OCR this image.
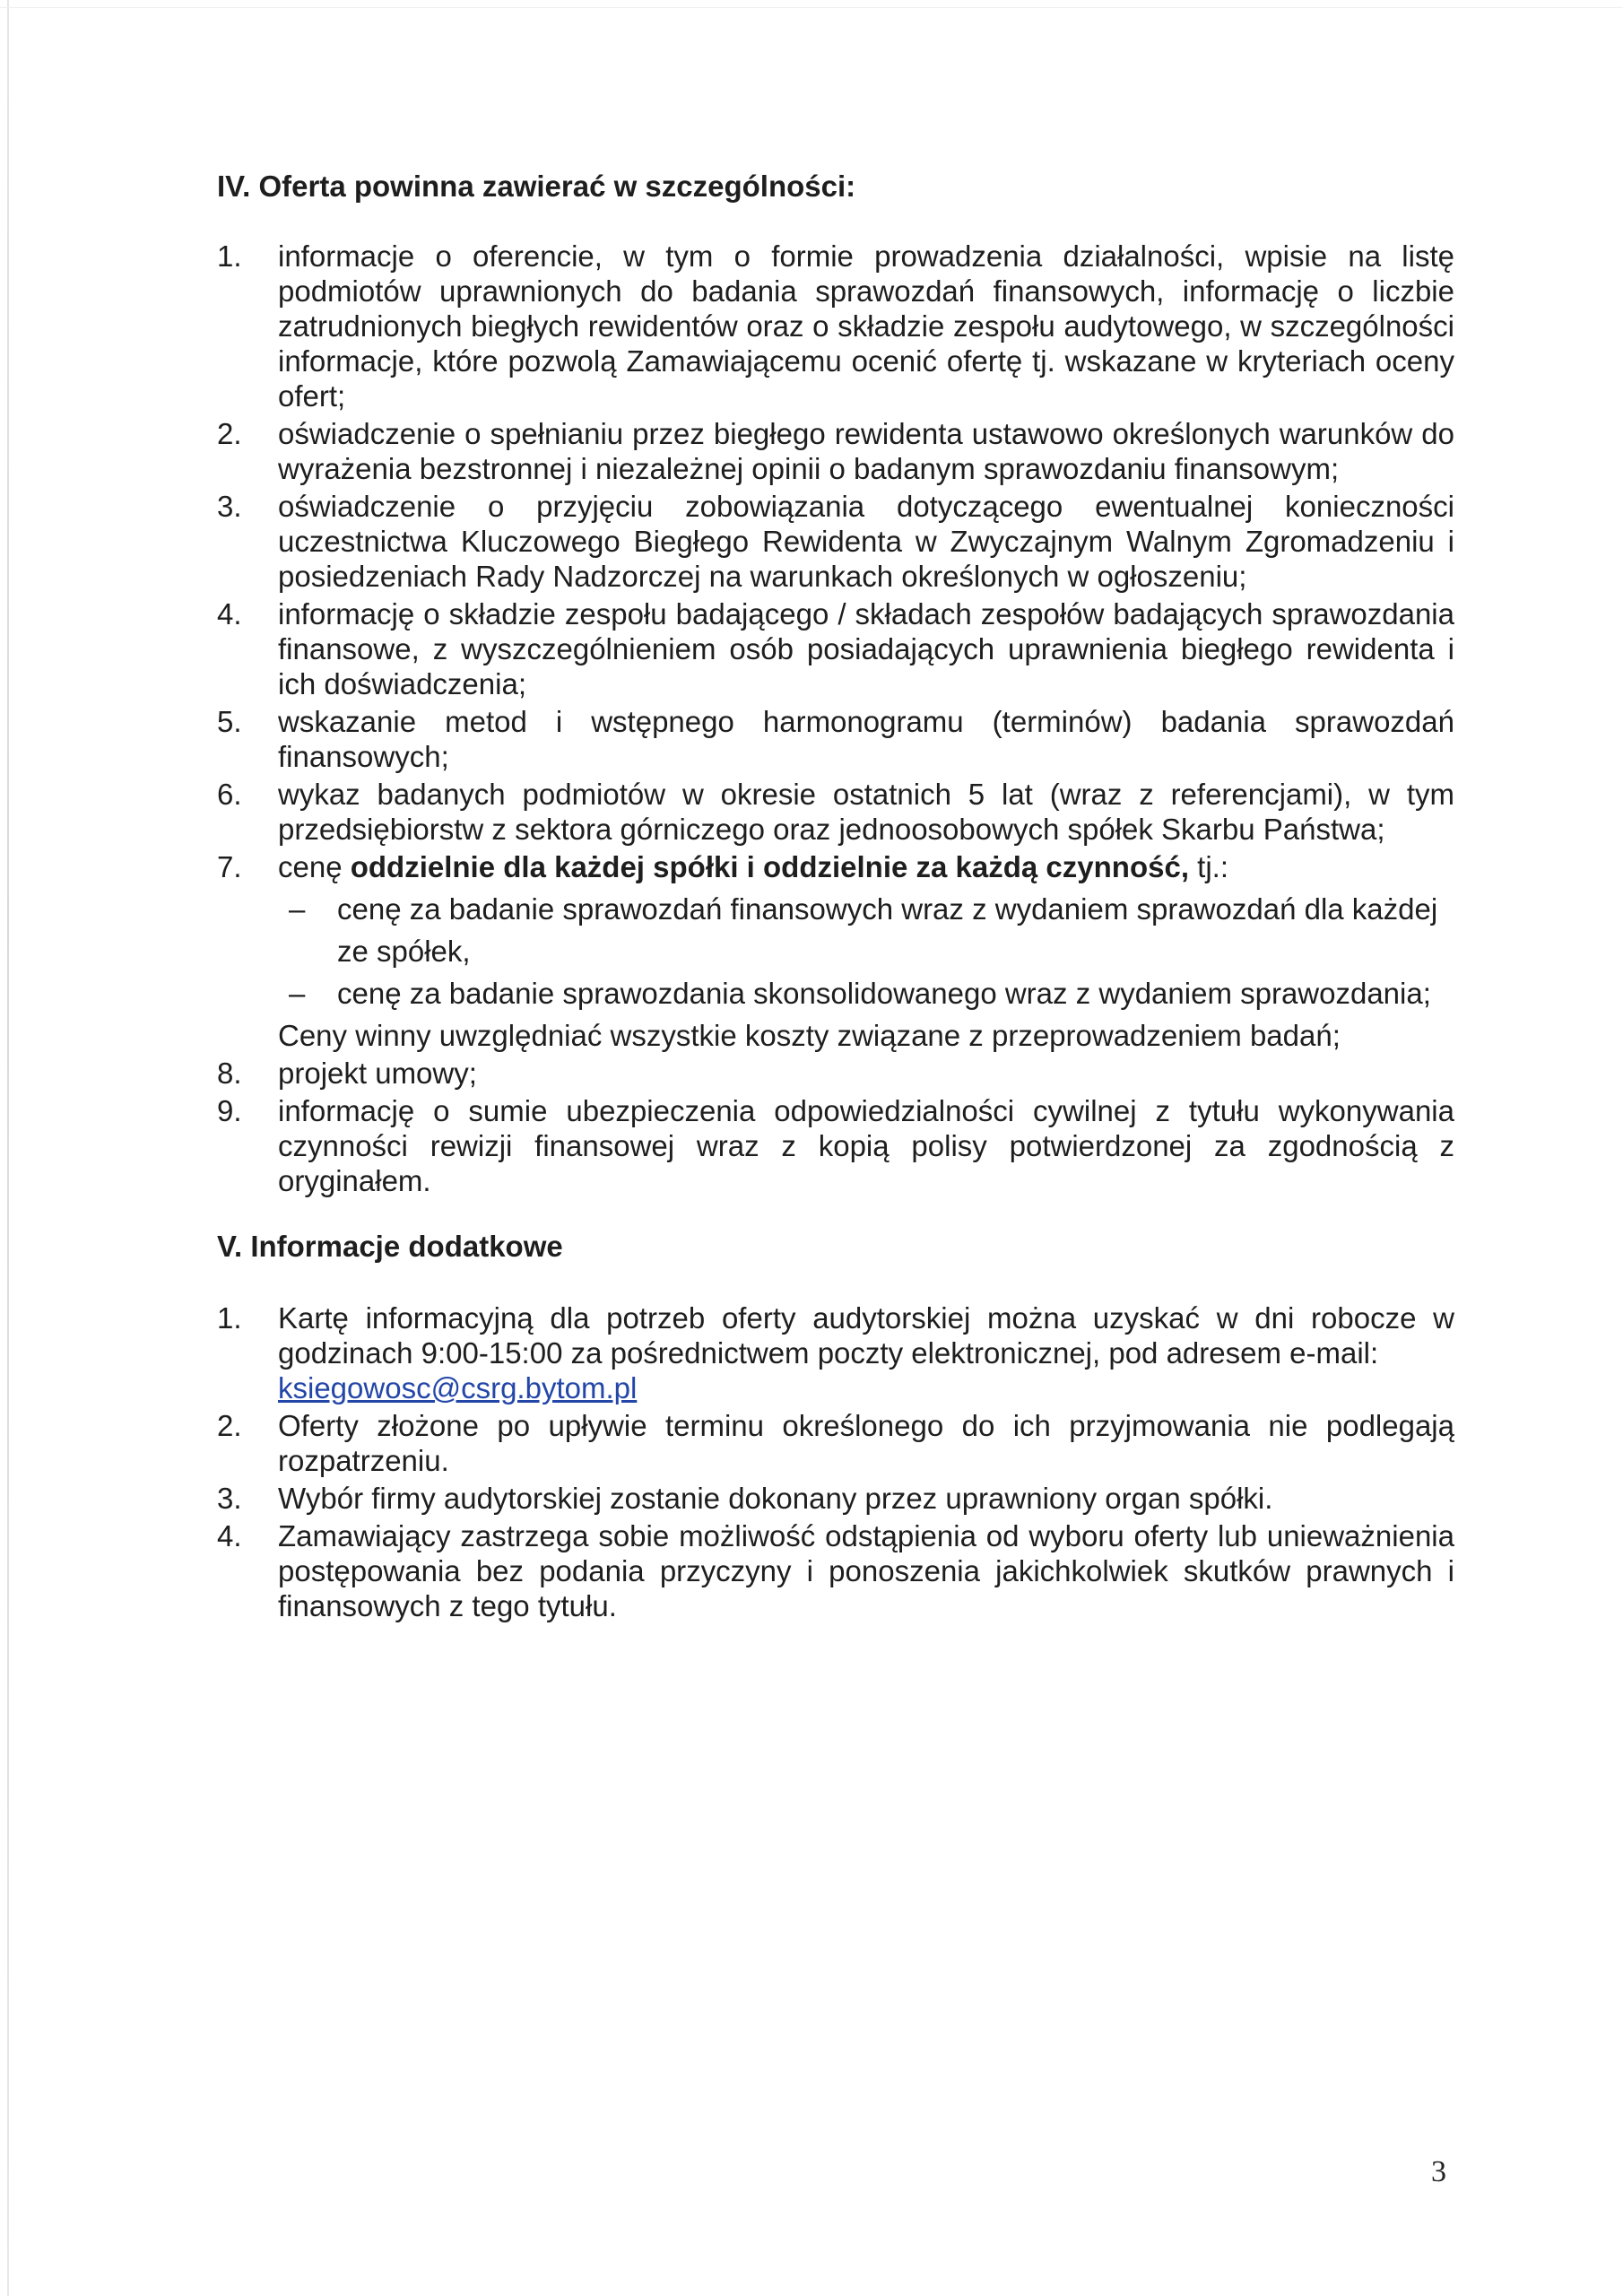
IV. Oferta powinna zawierać w szczególności:
1.	informacje o oferencie, w tym o formie prowadzenia działalności, wpisie na listę podmiotów uprawnionych do badania sprawozdań finansowych, informację o liczbie zatrudnionych biegłych rewidentów oraz o składzie zespołu audytowego, w szczególności informacje, które pozwolą Zamawiającemu ocenić ofertę tj. wskazane w kryteriach oceny ofert;
2.	oświadczenie o spełnianiu przez biegłego rewidenta ustawowo określonych warunków do wyrażenia bezstronnej i niezależnej opinii o badanym sprawozdaniu finansowym;
3.	oświadczenie o przyjęciu zobowiązania dotyczącego ewentualnej konieczności uczestnictwa Kluczowego Biegłego Rewidenta w Zwyczajnym Walnym Zgromadzeniu i posiedzeniach Rady Nadzorczej na warunkach określonych w ogłoszeniu;
4.	informację o składzie zespołu badającego / składach zespołów badających sprawozdania finansowe, z wyszczególnieniem osób posiadających uprawnienia biegłego rewidenta i ich doświadczenia;
5.	wskazanie metod i wstępnego harmonogramu (terminów) badania sprawozdań finansowych;
6.	wykaz badanych podmiotów w okresie ostatnich 5 lat (wraz z referencjami), w tym przedsiębiorstw z sektora górniczego oraz jednoosobowych spółek Skarbu Państwa;
7.	cenę oddzielnie dla każdej spółki i oddzielnie za każdą czynność, tj.:
– cenę za badanie sprawozdań finansowych wraz z wydaniem sprawozdań dla każdej ze spółek,
– cenę za badanie sprawozdania skonsolidowanego wraz z wydaniem sprawozdania;
Ceny winny uwzględniać wszystkie koszty związane z przeprowadzeniem badań;
8.	projekt umowy;
9.	informację o sumie ubezpieczenia odpowiedzialności cywilnej z tytułu wykonywania czynności rewizji finansowej wraz z kopią polisy potwierdzonej za zgodnością z oryginałem.
V. Informacje dodatkowe
1.	Kartę informacyjną dla potrzeb oferty audytorskiej można uzyskać w dni robocze w godzinach 9:00-15:00 za pośrednictwem poczty elektronicznej, pod adresem e-mail:
ksiegowosc@csrg.bytom.pl
2.	Oferty złożone po upływie terminu określonego do ich przyjmowania nie podlegają rozpatrzeniu.
3.	Wybór firmy audytorskiej zostanie dokonany przez uprawniony organ spółki.
4.	Zamawiający zastrzega sobie możliwość odstąpienia od wyboru oferty lub unieważnienia postępowania bez podania przyczyny i ponoszenia jakichkolwiek skutków prawnych i finansowych z tego tytułu.
3
